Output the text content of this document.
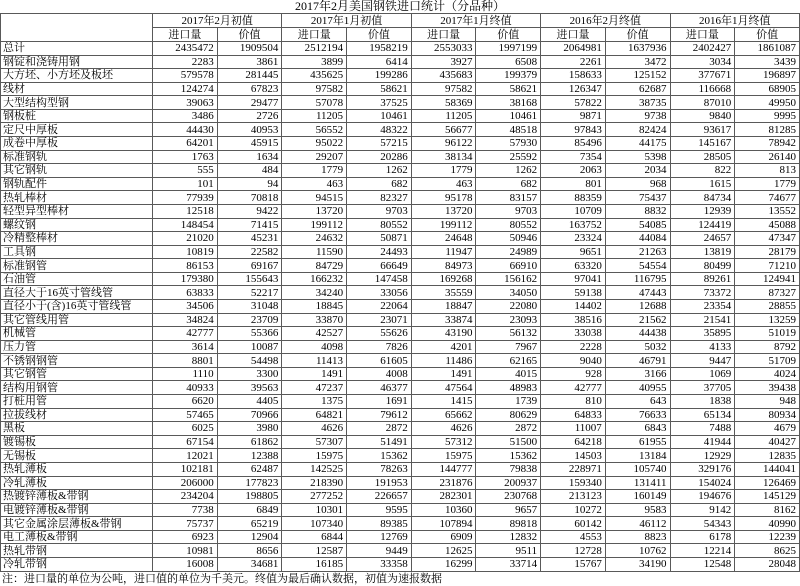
2017年2月美国钢铁进口统计（分品种）
	2017年2月初值		2017年1月初值		2017年1月终值		2016年2月终值		2016年1月终值	
	进口量	价值	进口量	价值	进口量	价值	进口量	价值	进口量	价值
总计	2435472	1909504	2512194	1958219	2553033	1997199	2064981	1637936	2402427	1861087
钢锭和浇铸用钢	2283	3861	3899	6414	3927	6508	2261	3472	3034	3439
大方坯、小方坯及板坯	579578	281445	435625	199286	435683	199379	158633	125152	377671	196897
线材	124274	67823	97582	58621	97582	58621	126347	62687	116668	68905
大型结构型钢	39063	29477	57078	37525	58369	38168	57822	38735	87010	49950
钢板桩	3486	2726	11205	10461	11205	10461	9871	9738	9840	9995
定尺中厚板	44430	40953	56552	48322	56677	48518	97843	82424	93617	81285
成卷中厚板	64201	45915	95022	57215	96122	57930	85496	44175	145167	78942
标准钢轨	1763	1634	29207	20286	38134	25592	7354	5398	28505	26140
其它钢轨	555	484	1779	1262	1779	1262	2063	2034	822	813
钢轨配件	101	94	463	682	463	682	801	968	1615	1779
热轧棒材	77939	70818	94515	82327	95178	83157	88359	75437	84734	74677
轻型异型棒材	12518	9422	13720	9703	13720	9703	10709	8832	12939	13552
螺纹钢	148454	71415	199112	80552	199112	80552	163752	54085	124419	45088
冷精整棒材	21020	45231	24632	50871	24648	50946	23324	44084	24657	47347
工具钢	10819	22582	11590	24493	11947	24989	9651	21263	13819	28179
标准钢管	86153	69167	84729	66649	84973	66910	63320	54554	80499	71210
石油管	179380	155643	166232	147458	169268	156162	97041	116795	89261	124941
直径大于16英寸管线管	63833	52217	34240	33056	35559	34050	59138	47443	73372	87327
直径小于(含)16英寸管线管	34506	31048	18845	22064	18847	22080	14402	12688	23354	28855
其它管线用管	34824	23709	33870	23071	33874	23093	38516	21562	21541	13259
机械管	42777	55366	42527	55626	43190	56132	33038	44438	35895	51019
压力管	3614	10087	4098	7826	4201	7967	2228	5032	4133	8792
不锈钢钢管	8801	54498	11413	61605	11486	62165	9040	46791	9447	51709
其它钢管	1110	3300	1491	4008	1491	4015	928	3166	1069	4024
结构用钢管	40933	39563	47237	46377	47564	48983	42777	40955	37705	39438
打桩用管	6620	4405	1375	1691	1415	1739	810	643	1838	948
拉拔线材	57465	70966	64821	79612	65662	80629	64833	76633	65134	80934
黑板	6025	3980	4626	2872	4626	2872	11007	6843	7488	4679
镀锡板	67154	61862	57307	51491	57312	51500	64218	61955	41944	40427
无锡板	12021	12388	15975	15362	15975	15362	14503	13184	12929	12835
热轧薄板	102181	62487	142525	78263	144777	79838	228971	105740	329176	144041
冷轧薄板	206000	177823	218390	191953	231876	200937	159340	131411	154024	126469
热镀锌薄板&带钢	234204	198805	277252	226657	282301	230768	213123	160149	194676	145129
电镀锌薄板&带钢	7738	6849	10301	9595	10360	9657	10272	9583	9142	8162
其它金属涂层薄板&带钢	75737	65219	107340	89385	107894	89818	60142	46112	54343	40990
电工薄板&带钢	6923	12904	6844	12769	6909	12832	4553	8823	6178	12239
热轧带钢	10981	8656	12587	9449	12625	9511	12728	10762	12214	8625
冷轧带钢	16008	34681	16185	33358	16299	33714	15767	34190	12548	28048
注：进口量的单位为公吨，进口值的单位为千美元。终值为最后确认数据，初值为速报数据
